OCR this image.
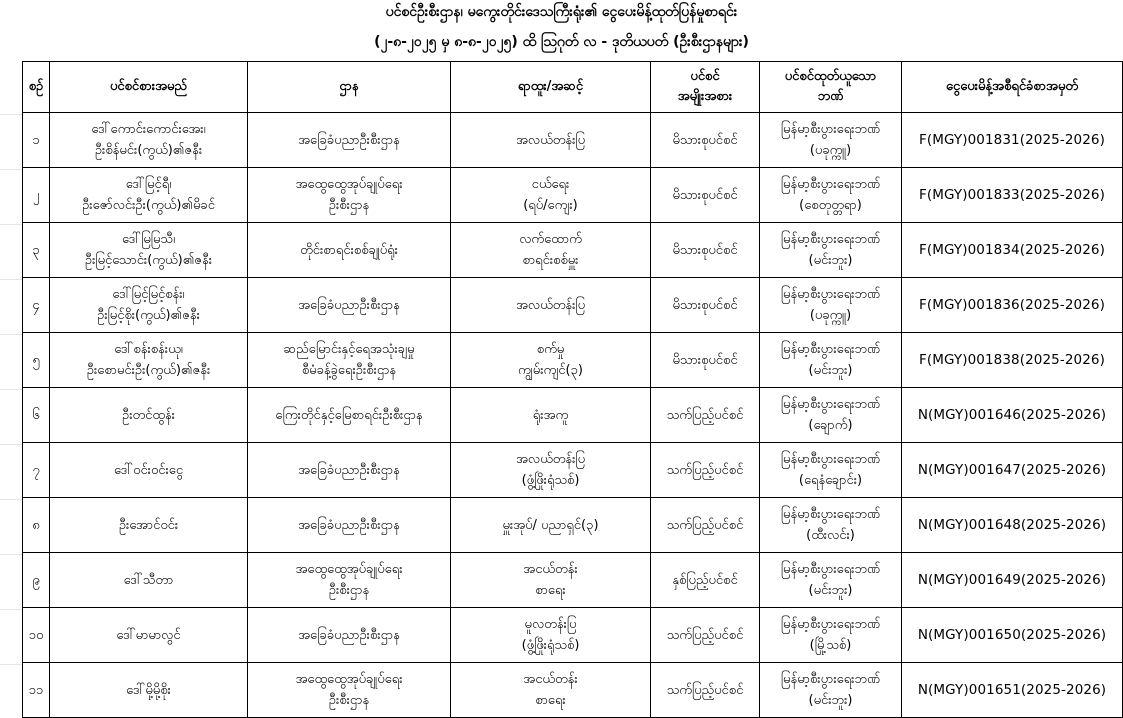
ပင်စင်ဦးစီးဌာန၊ မကွေးတိုင်းဒေသကြီးရုံး၏ ငွေပေးမိန့်ထုတ်ပြန်မှုစာရင်း
(၂-၈-၂၀၂၅ မှ ၈-၈-၂၀၂၅) ထိ ဩဂုတ် လ - ဒုတိယပတ် (ဦးစီးဌာနများ)
စဉ်	ပင်စင်စားအမည်	ဌာန	ရာထူး/အဆင့်	ပင်စင်
အမျိုးအစား	ပင်စင်ထုတ်ယူသော
ဘဏ်	ငွေပေးမိန့်အစီရင်ခံစာအမှတ်

၁	ဒေါ်ကောင်းကောင်းအေး၊
ဦးစိန်မင်း(ကွယ်)၏ဇနီး	အခြေခံပညာဦးစီးဌာန	အလယ်တန်းပြ	မိသားစုပင်စင်	မြန်မာ့စီးပွားရေးဘဏ်
(ပခုက္ကူ)	F(MGY)001831(2025-2026)

၂	ဒေါ်မြင့်ရီ၊
ဦးဇော်လင်းဦး(ကွယ်)၏မိခင်	အထွေထွေအုပ်ချုပ်ရေး
ဦးစီးဌာန	ငယ်ရေး
(ရပ်/ကျေး)	မိသားစုပင်စင်	မြန်မာ့စီးပွားရေးဘဏ်
(စေတုတ္တရာ)	F(MGY)001833(2025-2026)

၃	ဒေါ်မြမြသီ၊
ဦးမြင့်သောင်း(ကွယ်)၏ဇနီး	တိုင်းစာရင်းစစ်ချုပ်ရုံး	လက်ထောက်
စာရင်းစစ်မှူး	မိသားစုပင်စင်	မြန်မာ့စီးပွားရေးဘဏ်
(မင်းဘူး)	F(MGY)001834(2025-2026)

၄	ဒေါ်မြင့်မြင့်စန်း၊
ဦးမြင့်စိုး(ကွယ်)၏ဇနီး	အခြေခံပညာဦးစီးဌာန	အလယ်တန်းပြ	မိသားစုပင်စင်	မြန်မာ့စီးပွားရေးဘဏ်
(ပခုက္ကူ)	F(MGY)001836(2025-2026)

၅	ဒေါ်စန်းစန်းယု၊
ဦးစောမင်းဦး(ကွယ်)၏ဇနီး	ဆည်မြောင်းနှင့်ရေအသုံးချမှု
စီမံခန့်ခွဲရေးဦးစီးဌာန	စက်မှု
ကျွမ်းကျင်(၃)	မိသားစုပင်စင်	မြန်မာ့စီးပွားရေးဘဏ်
(မင်းဘူး)	F(MGY)001838(2025-2026)

၆	ဦးတင်ထွန်း	ကြေးတိုင်နှင့်မြေစာရင်းဦးစီးဌာန	ရုံးအကူ	သက်ပြည့်ပင်စင်	မြန်မာ့စီးပွားရေးဘဏ်
(ချောက်)	N(MGY)001646(2025-2026)

၇	ဒေါ်ဝင်းဝင်းငွေ	အခြေခံပညာဦးစီးဌာန	အလယ်တန်းပြ
(ဖွံ့ဖြိုးရုံသစ်)	သက်ပြည့်ပင်စင်	မြန်မာ့စီးပွားရေးဘဏ်
(ရေနံချောင်း)	N(MGY)001647(2025-2026)

၈	ဦးအောင်ဝင်း	အခြေခံပညာဦးစီးဌာန	မှူးအုပ်/ ပညာရှင်(၃)	သက်ပြည့်ပင်စင်	မြန်မာ့စီးပွားရေးဘဏ်
(ထီးလင်း)	N(MGY)001648(2025-2026)

၉	ဒေါ်သီတာ	အထွေထွေအုပ်ချုပ်ရေး
ဦးစီးဌာန	အငယ်တန်း
စာရေး	နှစ်ပြည့်ပင်စင်	မြန်မာ့စီးပွားရေးဘဏ်
(မင်းဘူး)	N(MGY)001649(2025-2026)

၁၀	ဒေါ်မာမာလွင်	အခြေခံပညာဦးစီးဌာန	မူလတန်းပြ
(ဖွံ့ဖြိုးရုံသစ်)	သက်ပြည့်ပင်စင်	မြန်မာ့စီးပွားရေးဘဏ်
(မြို့သစ်)	N(MGY)001650(2025-2026)

၁၁	ဒေါ်မို့မို့စိုး	အထွေထွေအုပ်ချုပ်ရေး
ဦးစီးဌာန	အငယ်တန်း
စာရေး	သက်ပြည့်ပင်စင်	မြန်မာ့စီးပွားရေးဘဏ်
(မင်းဘူး)	N(MGY)001651(2025-2026)
